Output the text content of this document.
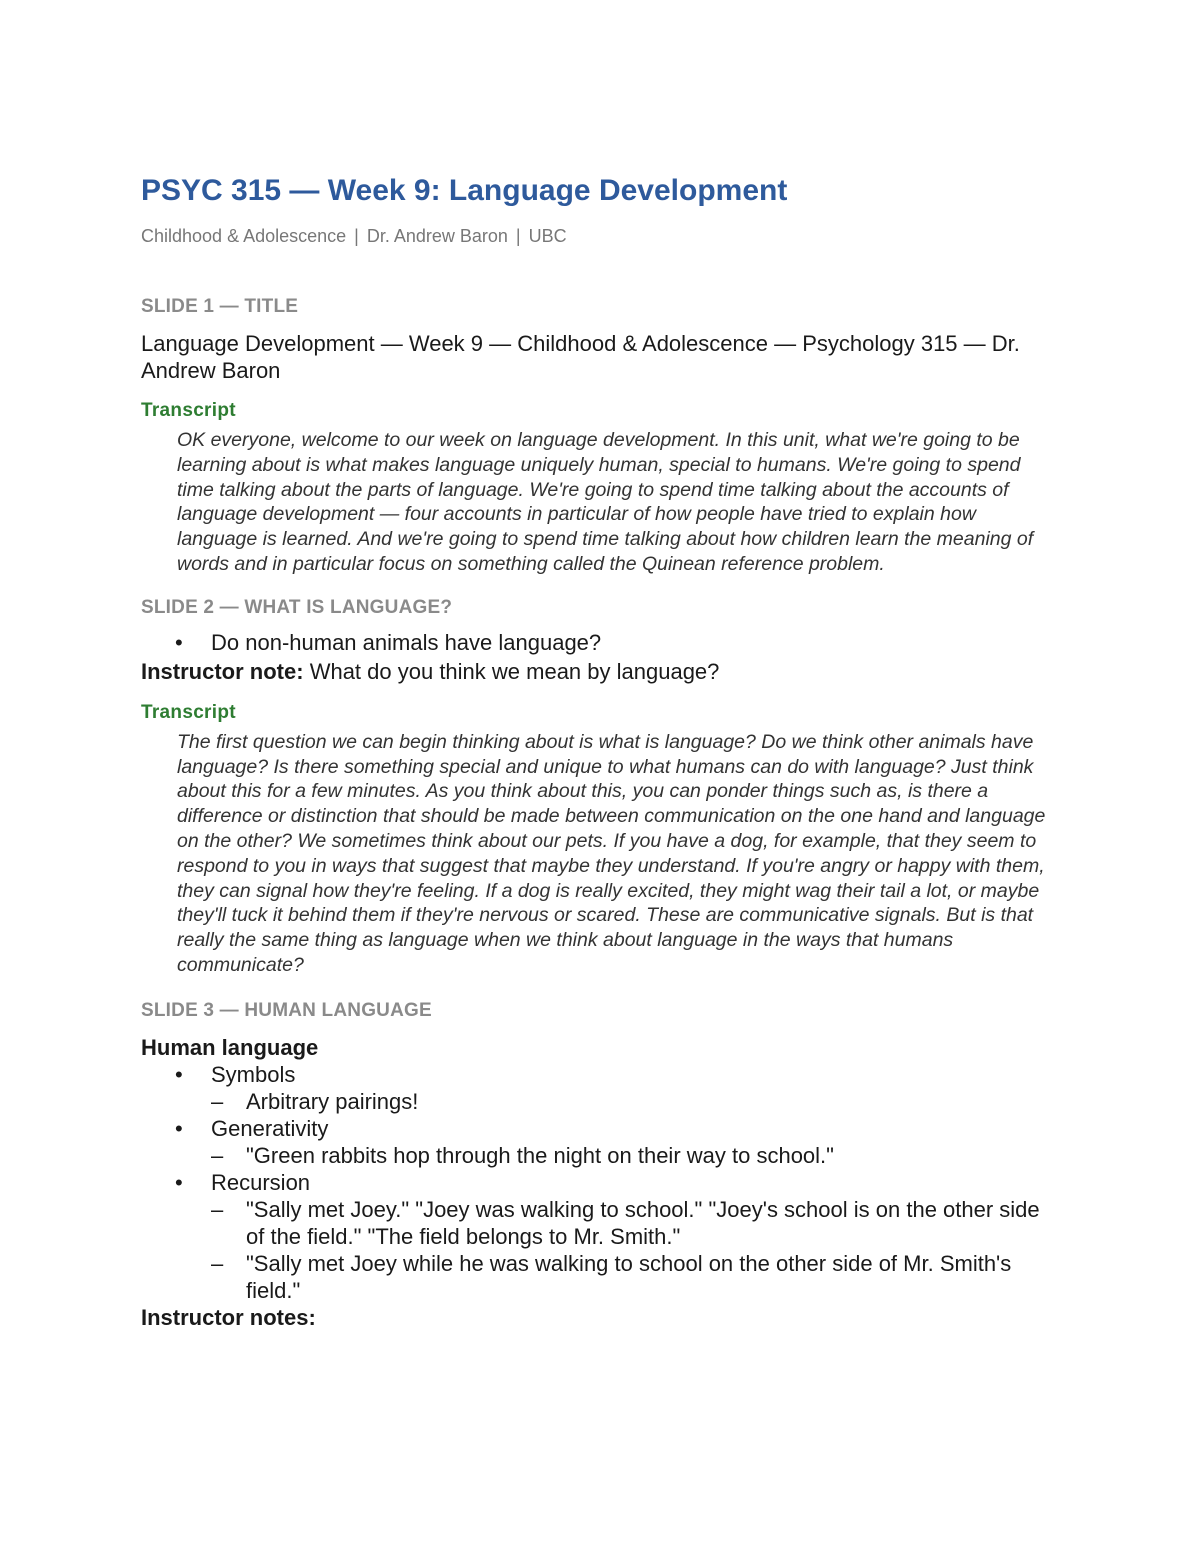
PSYC 315 — Week 9: Language Development
Childhood & Adolescence | Dr. Andrew Baron | UBC
SLIDE 1 — TITLE
Language Development — Week 9 — Childhood & Adolescence — Psychology 315 — Dr. Andrew Baron
Transcript
OK everyone, welcome to our week on language development. In this unit, what we're going to be learning about is what makes language uniquely human, special to humans. We're going to spend time talking about the parts of language. We're going to spend time talking about the accounts of language development — four accounts in particular of how people have tried to explain how language is learned. And we're going to spend time talking about how children learn the meaning of words and in particular focus on something called the Quinean reference problem.
SLIDE 2 — WHAT IS LANGUAGE?
• Do non-human animals have language?
Instructor note: What do you think we mean by language?
Transcript
The first question we can begin thinking about is what is language? Do we think other animals have language? Is there something special and unique to what humans can do with language? Just think about this for a few minutes. As you think about this, you can ponder things such as, is there a difference or distinction that should be made between communication on the one hand and language on the other? We sometimes think about our pets. If you have a dog, for example, that they seem to respond to you in ways that suggest that maybe they understand. If you're angry or happy with them, they can signal how they're feeling. If a dog is really excited, they might wag their tail a lot, or maybe they'll tuck it behind them if they're nervous or scared. These are communicative signals. But is that really the same thing as language when we think about language in the ways that humans communicate?
SLIDE 3 — HUMAN LANGUAGE
Human language
• Symbols
– Arbitrary pairings!
• Generativity
– "Green rabbits hop through the night on their way to school."
• Recursion
– "Sally met Joey." "Joey was walking to school." "Joey's school is on the other side of the field." "The field belongs to Mr. Smith."
– "Sally met Joey while he was walking to school on the other side of Mr. Smith's field."
Instructor notes:
